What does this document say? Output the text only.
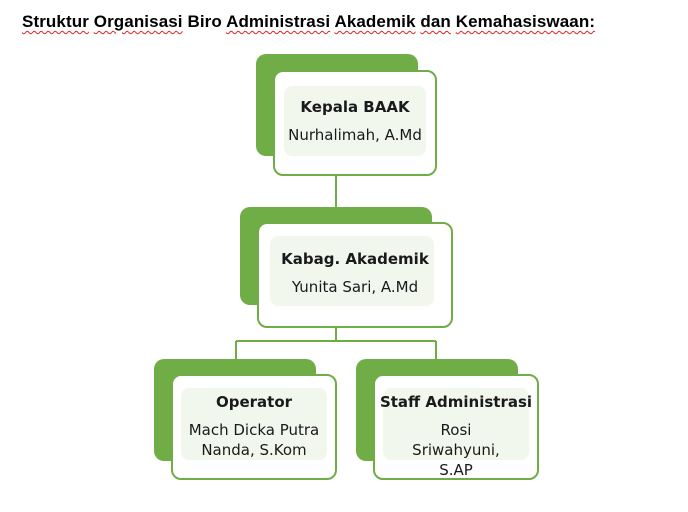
Struktur Organisasi Biro Administrasi Akademik dan Kemahasiswaan:
Kepala BAAK
Nurhalimah, A.Md
Kabag. Akademik
Yunita Sari, A.Md
Operator
Mach Dicka Putra Nanda, S.Kom
Staff Administrasi
Rosi Sriwahyuni, S.AP
